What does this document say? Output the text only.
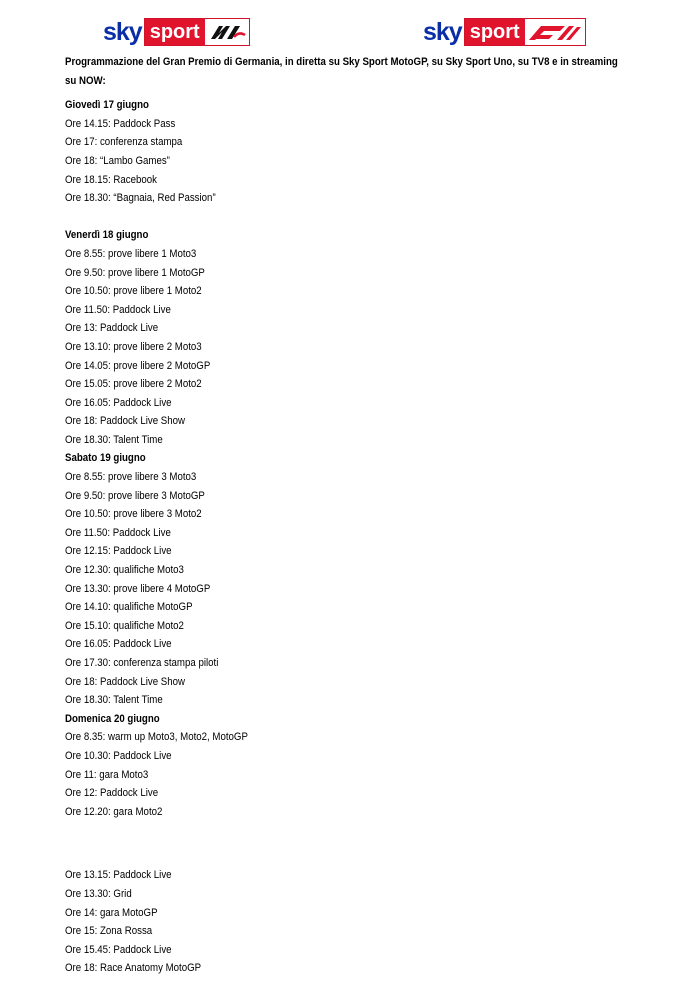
sky sport	sky sport
Programmazione del Gran Premio di Germania, in diretta su Sky Sport MotoGP, su Sky Sport Uno, su TV8 e in streaming su NOW:
Giovedì 17 giugno
Ore 14.15: Paddock Pass
Ore 17: conferenza stampa
Ore 18: “Lambo Games”
Ore 18.15: Racebook
Ore 18.30: “Bagnaia, Red Passion”

Venerdì 18 giugno
Ore 8.55: prove libere 1 Moto3
Ore 9.50: prove libere 1 MotoGP
Ore 10.50: prove libere 1 Moto2
Ore 11.50: Paddock Live
Ore 13: Paddock Live
Ore 13.10: prove libere 2 Moto3
Ore 14.05: prove libere 2 MotoGP
Ore 15.05: prove libere 2 Moto2
Ore 16.05: Paddock Live
Ore 18: Paddock Live Show
Ore 18.30: Talent Time
Sabato 19 giugno
Ore 8.55: prove libere 3 Moto3
Ore 9.50: prove libere 3 MotoGP
Ore 10.50: prove libere 3 Moto2
Ore 11.50: Paddock Live
Ore 12.15: Paddock Live
Ore 12.30: qualifiche Moto3
Ore 13.30: prove libere 4 MotoGP
Ore 14.10: qualifiche MotoGP
Ore 15.10: qualifiche Moto2
Ore 16.05: Paddock Live
Ore 17.30: conferenza stampa piloti
Ore 18: Paddock Live Show
Ore 18.30: Talent Time
Domenica 20 giugno
Ore 8.35: warm up Moto3, Moto2, MotoGP
Ore 10.30: Paddock Live
Ore 11: gara Moto3
Ore 12: Paddock Live
Ore 12.20: gara Moto2
Ore 13.15: Paddock Live
Ore 13.30: Grid
Ore 14: gara MotoGP
Ore 15: Zona Rossa
Ore 15.45: Paddock Live
Ore 18: Race Anatomy MotoGP
